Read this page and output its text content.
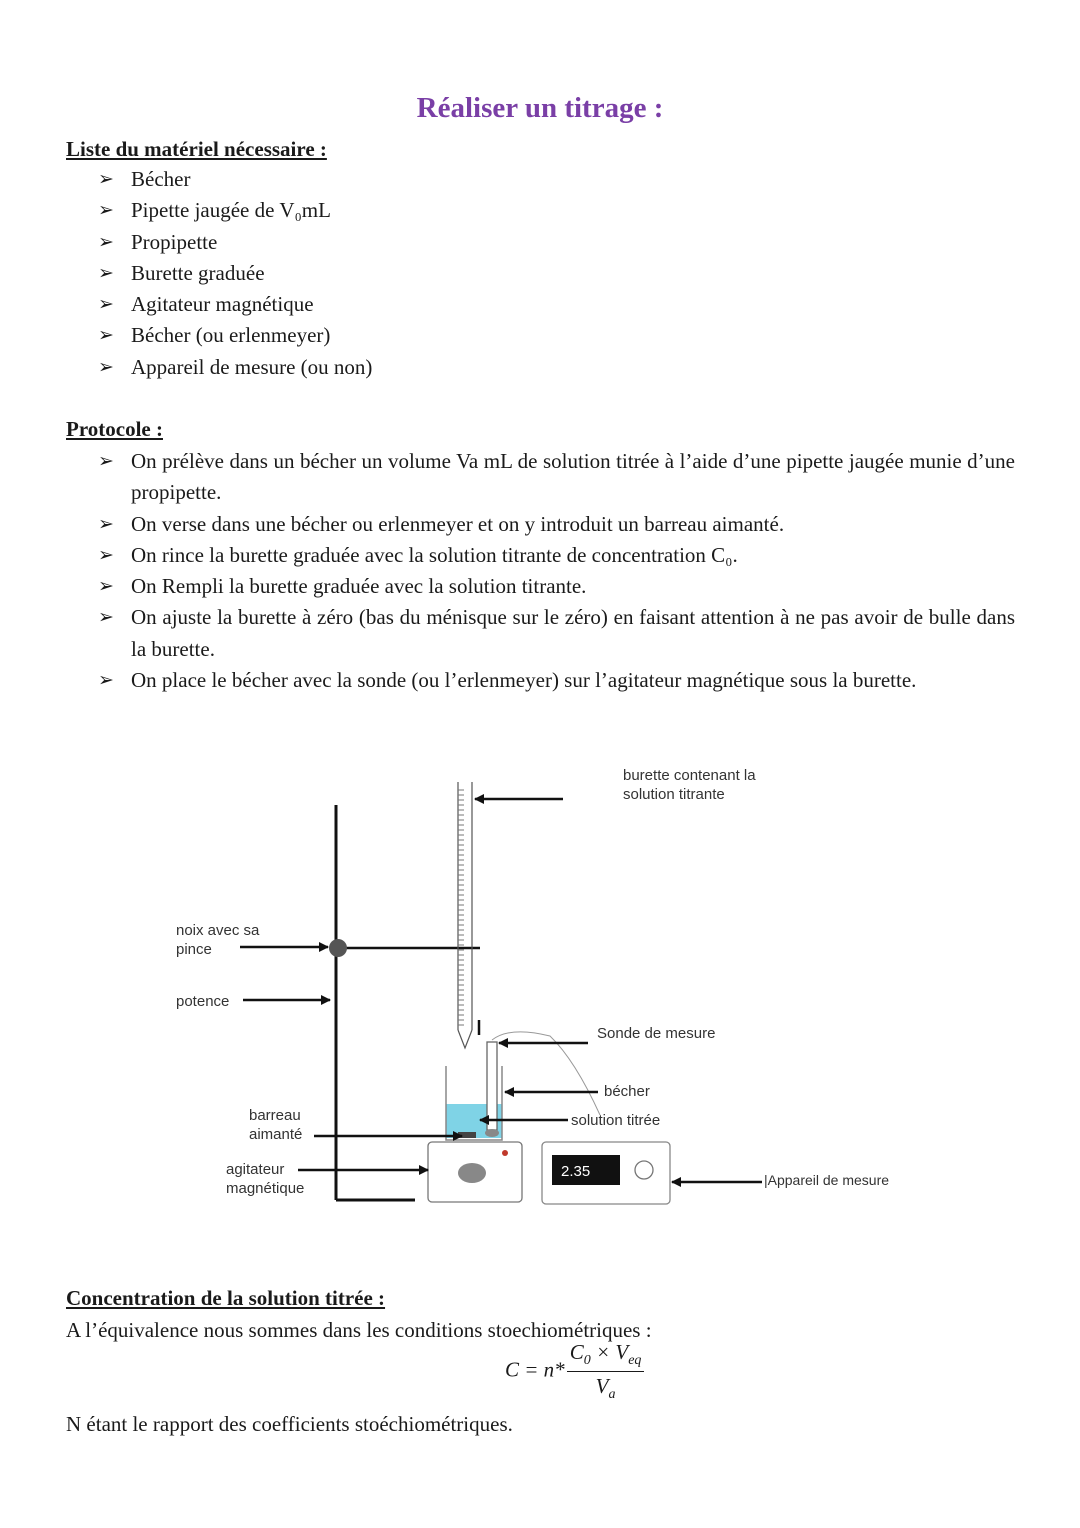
Réaliser un titrage :
Liste du matériel nécessaire :
➢ Bécher
➢ Pipette jaugée de V₀mL
➢ Propipette
➢ Burette graduée
➢ Agitateur magnétique
➢ Bécher (ou erlenmeyer)
➢ Appareil de mesure (ou non)
Protocole :
➢ On prélève dans un bécher un volume Va mL de solution titrée à l’aide d’une pipette jaugée munie d’une propipette.
➢ On verse dans une bécher ou erlenmeyer et on y introduit un barreau aimanté.
➢ On rince la burette graduée avec la solution titrante de concentration C₀.
➢ On Rempli la burette graduée avec la solution titrante.
➢ On ajuste la burette à zéro (bas du ménisque sur le zéro) en faisant attention à ne pas avoir de bulle dans la burette.
➢ On place le bécher avec la sonde (ou l’erlenmeyer) sur l’agitateur magnétique sous la burette.
2.35
burette contenant la
solution titrante
noix avec sa
pince
potence
Sonde de mesure
bécher
solution titrée
barreau
aimanté
agitateur
magnétique	|Appareil de mesure
Concentration de la solution titrée :
A l’équivalence nous sommes dans les conditions stoechiométriques :
$C = n* \frac{C_0 \times V_{eq}}{V_a}$
N étant le rapport des coefficients stoéchiométriques.
